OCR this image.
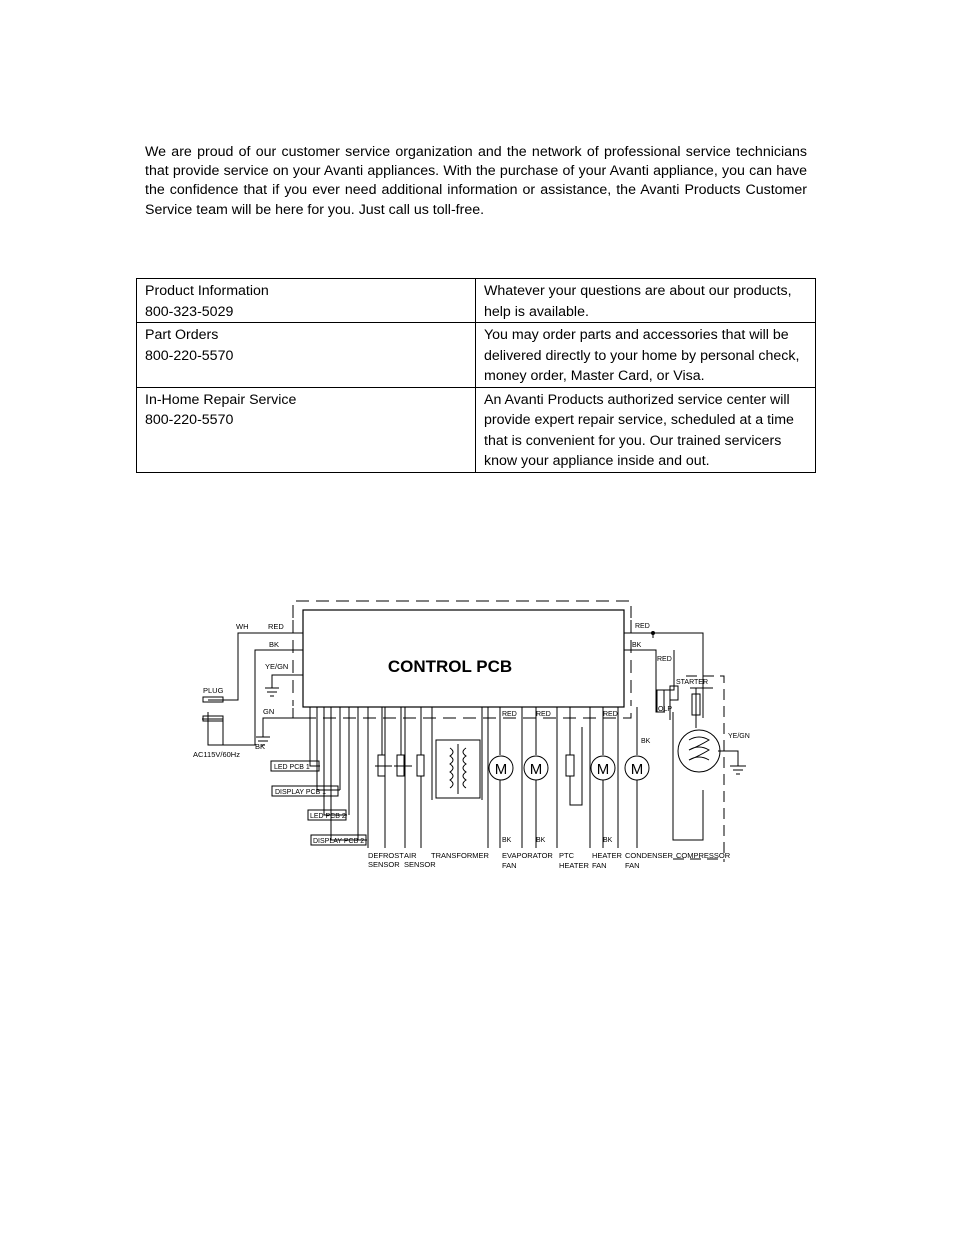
We are proud of our customer service organization and the network of professional service technicians that provide service on your Avanti appliances. With the purchase of your Avanti appliance, you can have the confidence that if you ever need additional information or assistance, the Avanti Products Customer Service team will be here for you. Just call us toll-free.

Product Information
800-323-5029	Whatever your questions are about our products, help is available.

Part Orders
800-220-5570	You may order parts and accessories that will be delivered directly to your home by personal check, money order, Master Card, or Visa.

In-Home Repair Service
800-220-5570	An Avanti Products authorized service center will provide expert repair service, scheduled at a time that is convenient for you. Our trained servicers know your appliance inside and out.
CONTROL PCB
WH	RED
BK
YE/GN
GN
BK
PLUG
AC115V/60Hz
LED PCB 1
DISPLAY PCB 1
LED PCB 2
DISPLAY PCB 2
DEFROST
SENSOR
AIR
SENSOR
TRANSFORMER
M M	M M
RED	RED	RED
BK	BK	BK
BK
EVAPORATOR
FAN
PTC
HEATER
HEATER
FAN
CONDENSER
FAN
RED
BK
RED
STARTER
OLP
YE/GN
COMPRESSOR
